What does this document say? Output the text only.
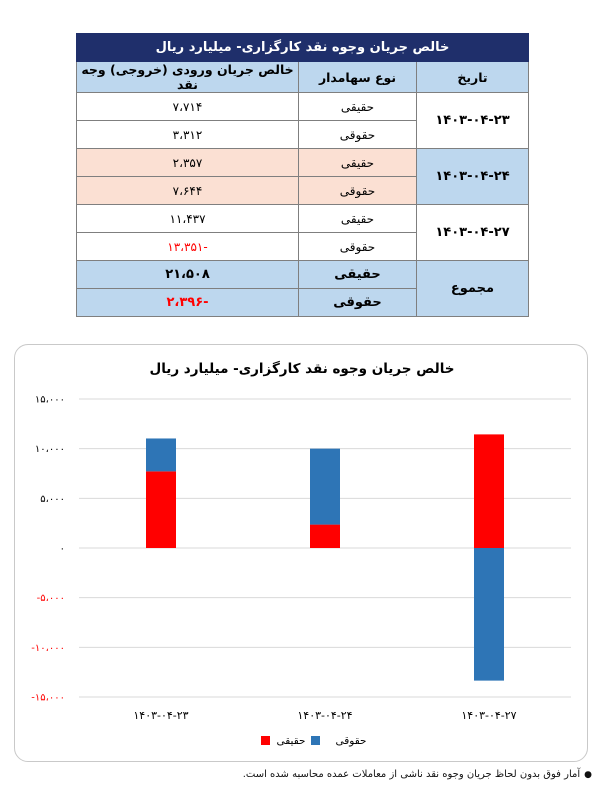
خالص جریان وجوه نقد کارگزاری- میلیارد ریال		
تاریخ	نوع سهامدار	خالص جریان ورودی (خروجی) وجه نقد
۱۴۰۳-۰۴-۲۳	حقیقی	۷،۷۱۴
	حقوقی	۳،۳۱۲
۱۴۰۳-۰۴-۲۴	حقیقی	۲،۳۵۷
	حقوقی	۷،۶۴۴
۱۴۰۳-۰۴-۲۷	حقیقی	۱۱،۴۳۷
	حقوقی	-۱۳،۳۵۱
مجموع	حقیقی	۲۱،۵۰۸
	حقوقی	-۲،۳۹۶
خالص جریان وجوه نقد کارگزاری- میلیارد ریال
۱۵،۰۰۰
۱۰،۰۰۰
۵،۰۰۰
۰
-۵،۰۰۰
-۱۰،۰۰۰
-۱۵،۰۰۰
۱۴۰۳-۰۴-۲۳	۱۴۰۳-۰۴-۲۴	۱۴۰۳-۰۴-۲۷
حقیقی	حقوقی
●آمار فوق بدون لحاظ جریان وجوه نقد ناشی از معاملات عمده محاسبه شده است.
